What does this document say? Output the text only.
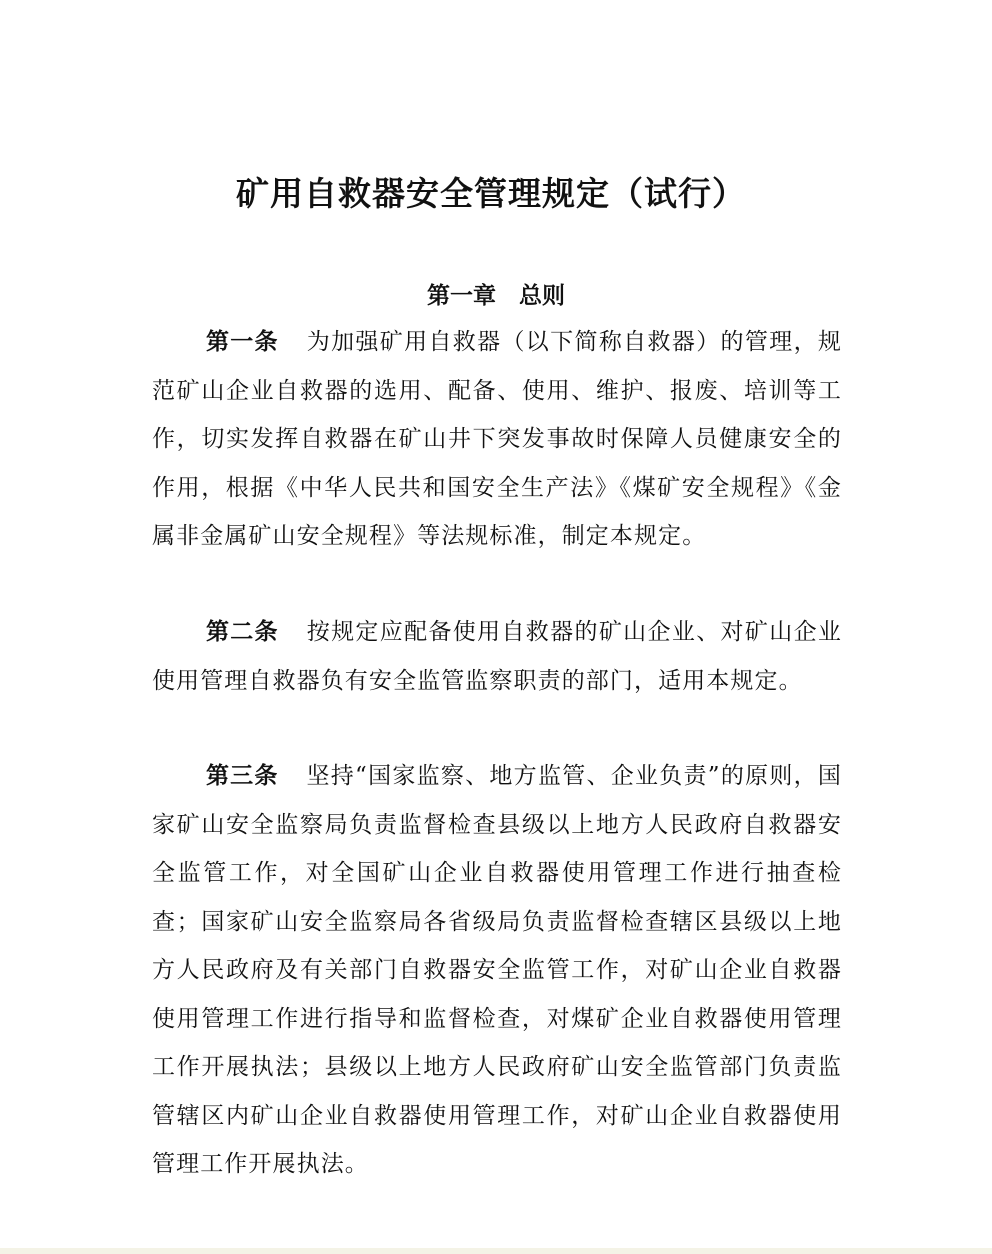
矿用自救器安全管理规定（试行）
第一章　总则

第一条 为加强矿用自救器（以下简称自救器）的管理，规范矿山企业自救器的选用、配备、使用、维护、报废、培训等工作，切实发挥自救器在矿山井下突发事故时保障人员健康安全的作用，根据《中华人民共和国安全生产法》《煤矿安全规程》《金属非金属矿山安全规程》等法规标准，制定本规定。

第二条 按规定应配备使用自救器的矿山企业、对矿山企业使用管理自救器负有安全监管监察职责的部门，适用本规定。

第三条 坚持“国家监察、地方监管、企业负责”的原则，国家矿山安全监察局负责监督检查县级以上地方人民政府自救器安全监管工作，对全国矿山企业自救器使用管理工作进行抽查检查；国家矿山安全监察局各省级局负责监督检查辖区县级以上地方人民政府及有关部门自救器安全监管工作，对矿山企业自救器使用管理工作进行指导和监督检查，对煤矿企业自救器使用管理工作开展执法；县级以上地方人民政府矿山安全监管部门负责监管辖区内矿山企业自救器使用管理工作，对矿山企业自救器使用管理工作开展执法。
